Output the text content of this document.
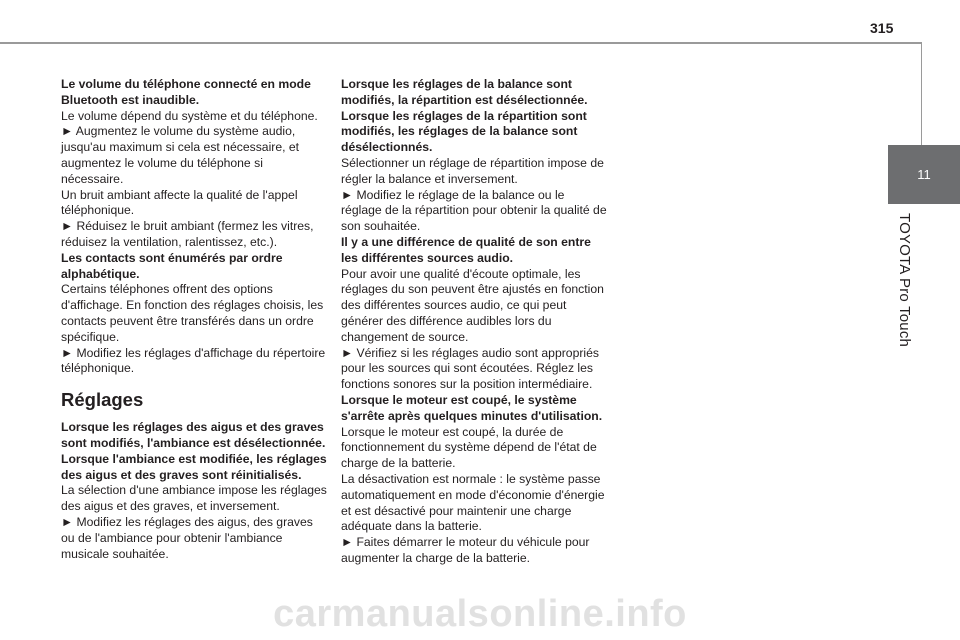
315
11
TOYOTA Pro Touch

Le volume du téléphone connecté en mode Bluetooth est inaudible.

Le volume dépend du système et du téléphone.

► Augmentez le volume du système audio, jusqu'au maximum si cela est nécessaire, et augmentez le volume du téléphone si nécessaire.

Un bruit ambiant affecte la qualité de l'appel téléphonique.

► Réduisez le bruit ambiant (fermez les vitres, réduisez la ventilation, ralentissez, etc.).

Les contacts sont énumérés par ordre alphabétique.

Certains téléphones offrent des options d'affichage. En fonction des réglages choisis, les contacts peuvent être transférés dans un ordre spécifique.

► Modifiez les réglages d'affichage du répertoire téléphonique.

Réglages

Lorsque les réglages des aigus et des graves sont modifiés, l'ambiance est désélectionnée.

Lorsque l'ambiance est modifiée, les réglages des aigus et des graves sont réinitialisés.

La sélection d'une ambiance impose les réglages des aigus et des graves, et inversement.

► Modifiez les réglages des aigus, des graves ou de l'ambiance pour obtenir l'ambiance musicale souhaitée.

Lorsque les réglages de la balance sont modifiés, la répartition est désélectionnée.

Lorsque les réglages de la répartition sont modifiés, les réglages de la balance sont désélectionnés.

Sélectionner un réglage de répartition impose de régler la balance et inversement.

► Modifiez le réglage de la balance ou le réglage de la répartition pour obtenir la qualité de son souhaitée.

Il y a une différence de qualité de son entre les différentes sources audio.

Pour avoir une qualité d'écoute optimale, les réglages du son peuvent être ajustés en fonction des différentes sources audio, ce qui peut générer des différence audibles lors du changement de source.

► Vérifiez si les réglages audio sont appropriés pour les sources qui sont écoutées. Réglez les fonctions sonores sur la position intermédiaire.

Lorsque le moteur est coupé, le système s'arrête après quelques minutes d'utilisation.

Lorsque le moteur est coupé, la durée de fonctionnement du système dépend de l'état de charge de la batterie.

La désactivation est normale : le système passe automatiquement en mode d'économie d'énergie et est désactivé pour maintenir une charge adéquate dans la batterie.

► Faites démarrer le moteur du véhicule pour augmenter la charge de la batterie.

carmanualsonline.info
